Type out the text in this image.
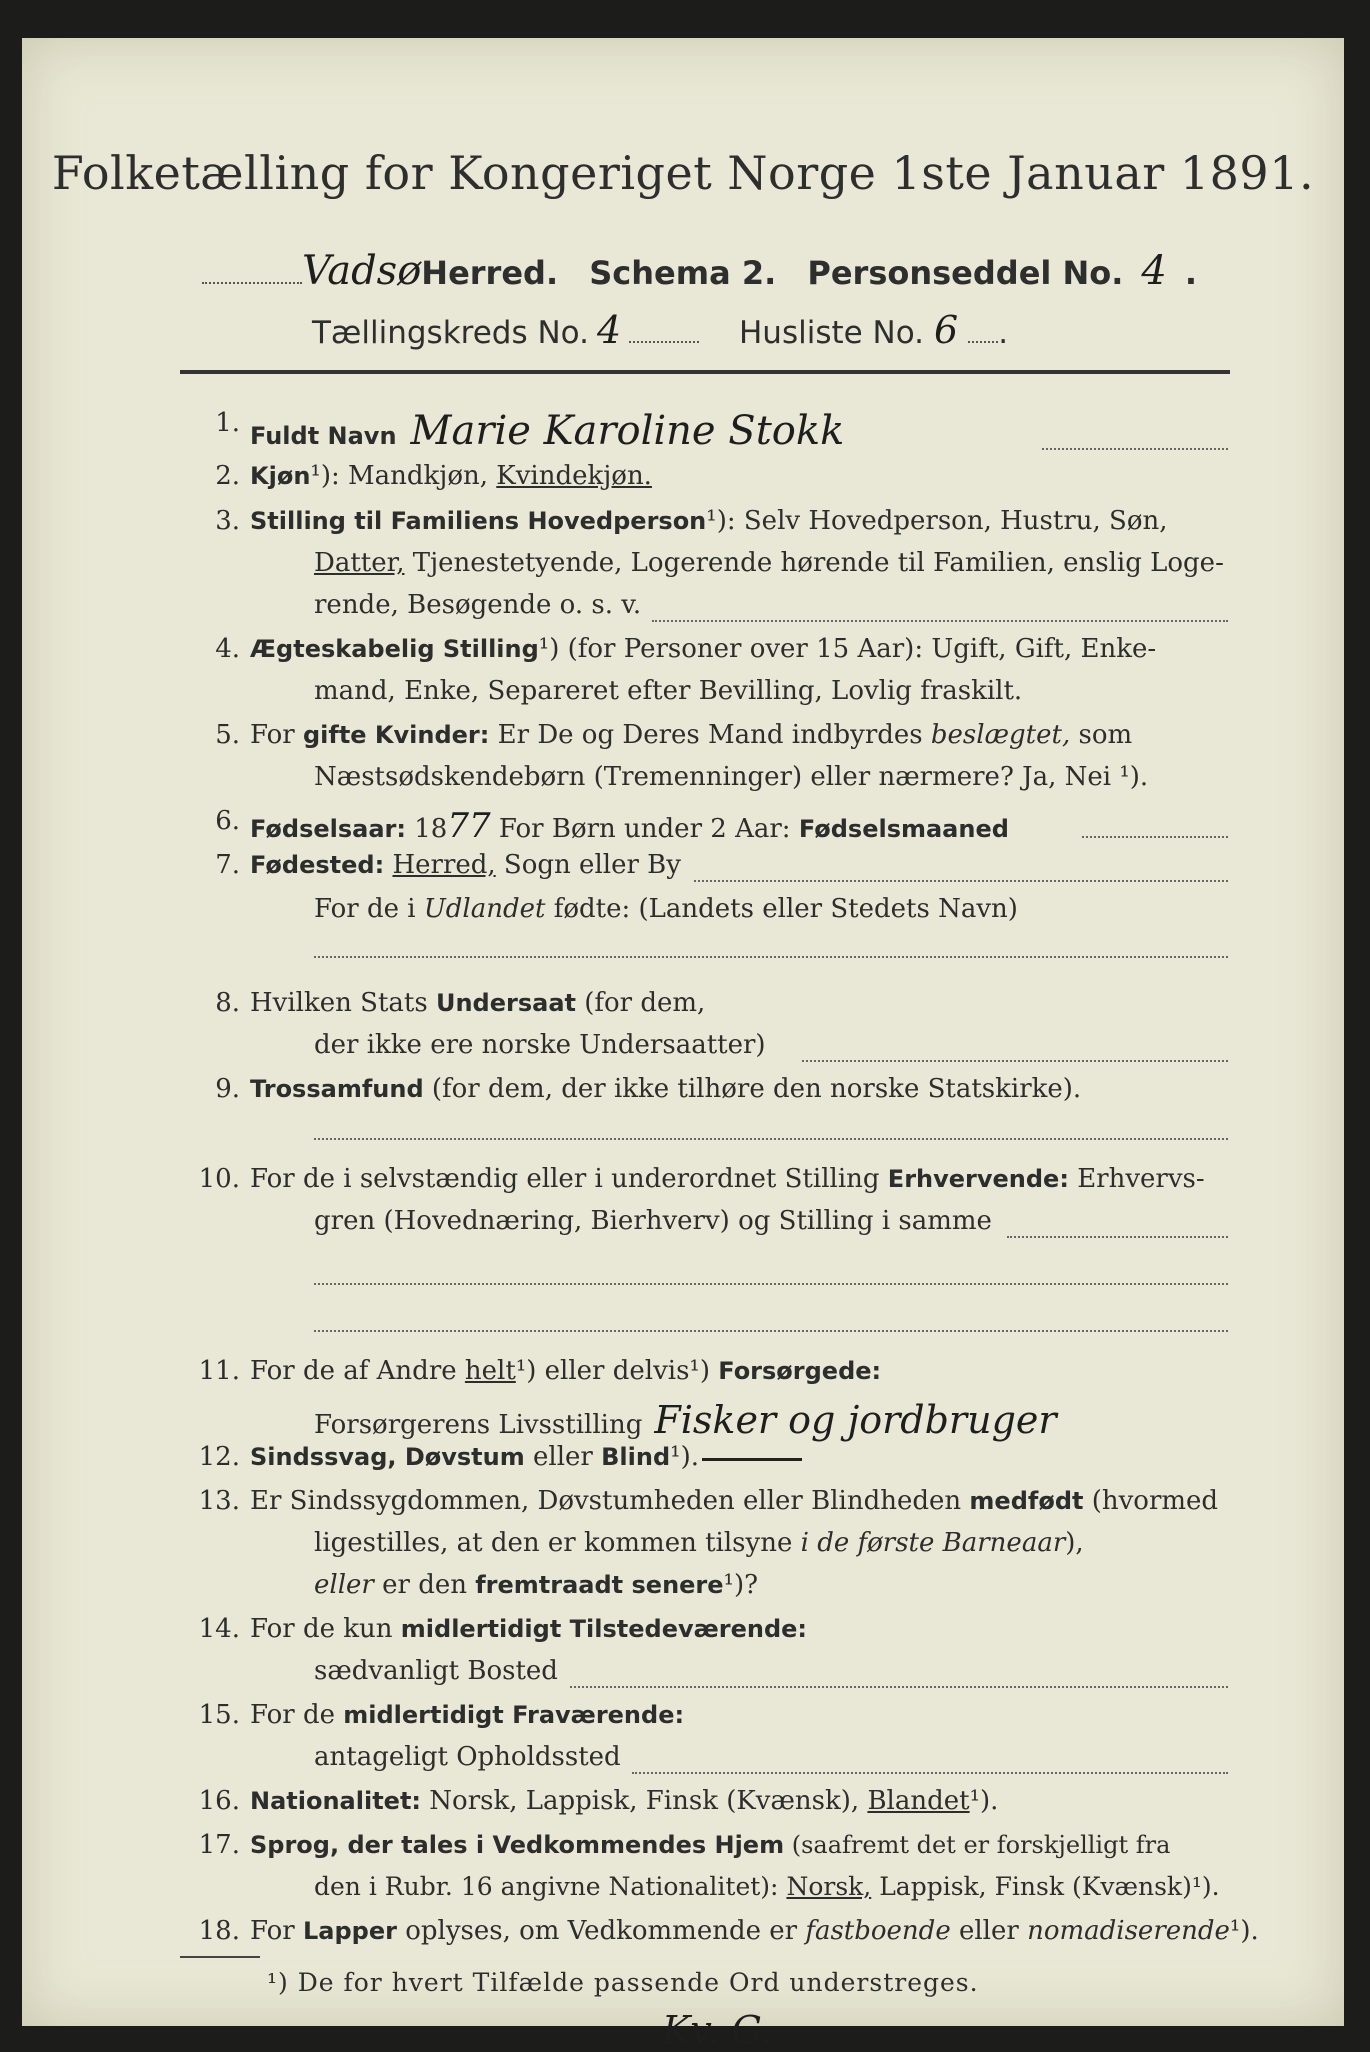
Folketælling for Kongeriget Norge 1ste Januar 1891.
VadsøHerred. Schema 2. Personseddel No. 4 .
Tællingskreds No. 4	Husliste No. 6 .
1. Fuldt Navn Marie Karoline Stokk
2. Kjøn¹): Mandkjøn, Kvindekjøn.
3. Stilling til Familiens Hovedperson¹): Selv Hovedperson, Hustru, Søn,
Datter, Tjenestetyende, Logerende hørende til Familien, enslig Loge-
rende, Besøgende o. s. v.
4. Ægteskabelig Stilling¹) (for Personer over 15 Aar): Ugift, Gift, Enke-
mand, Enke, Separeret efter Bevilling, Lovlig fraskilt.
5. For gifte Kvinder: Er De og Deres Mand indbyrdes beslægtet, som
Næstsødskendebørn (Tremenninger) eller nærmere? Ja, Nei ¹).
6. Fødselsaar: 1877 For Børn under 2 Aar: Fødselsmaaned
7. Fødested: Herred, Sogn eller By
For de i Udlandet fødte: (Landets eller Stedets Navn)
8. Hvilken Stats Undersaat (for dem,
der ikke ere norske Undersaatter)
9. Trossamfund (for dem, der ikke tilhøre den norske Statskirke).
10. For de i selvstændig eller i underordnet Stilling Erhvervende: Erhvervs-
gren (Hovednæring, Bierhverv) og Stilling i samme
11. For de af Andre helt¹) eller delvis¹) Forsørgede:
Forsørgerens Livsstilling Fisker og jordbruger
12. Sindssvag, Døvstum eller Blind¹).
13. Er Sindssygdommen, Døvstumheden eller Blindheden medfødt (hvormed
ligestilles, at den er kommen tilsyne i de første Barneaar),
eller er den fremtraadt senere¹)?
14. For de kun midlertidigt Tilstedeværende:
sædvanligt Bosted
15. For de midlertidigt Fraværende:
antageligt Opholdssted
16. Nationalitet: Norsk, Lappisk, Finsk (Kvænsk), Blandet¹).
17. Sprog, der tales i Vedkommendes Hjem (saafremt det er forskjelligt fra
den i Rubr. 16 angivne Nationalitet): Norsk, Lappisk, Finsk (Kvænsk)¹).
18. For Lapper oplyses, om Vedkommende er fastboende eller nomadiserende¹).
¹) De for hvert Tilfælde passende Ord understreges.
Kv. G.
